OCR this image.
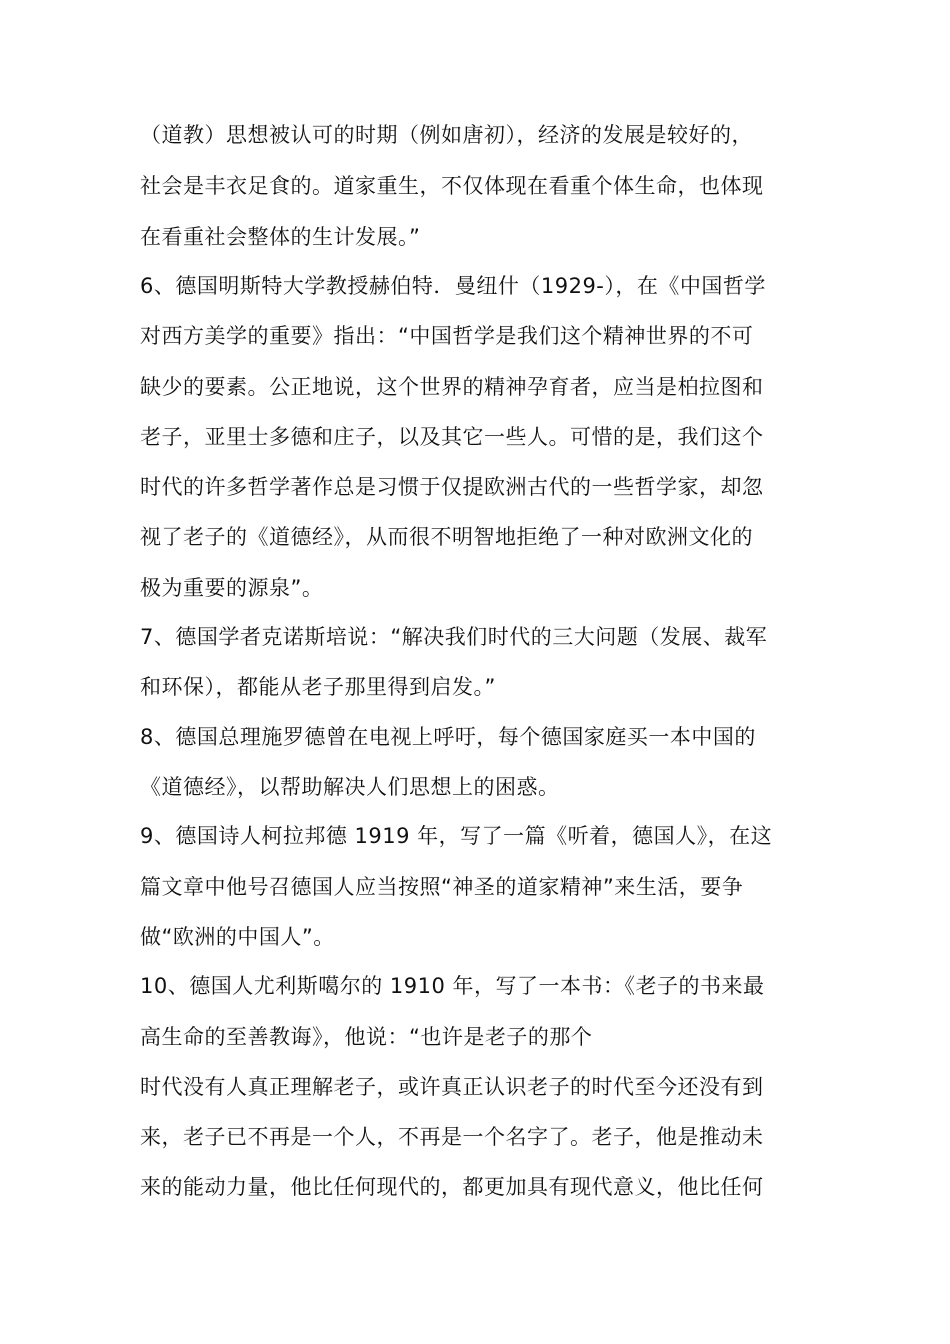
（道教）思想被认可的时期（例如唐初），经济的发展是较好的，
社会是丰衣足食的。道家重生，不仅体现在看重个体生命，也体现
在看重社会整体的生计发展。”
6、德国明斯特大学教授赫伯特．曼纽什（1929-），在《中国哲学
对西方美学的重要》指出：“中国哲学是我们这个精神世界的不可
缺少的要素。公正地说，这个世界的精神孕育者，应当是柏拉图和
老子，亚里士多德和庄子，以及其它一些人。可惜的是，我们这个
时代的许多哲学著作总是习惯于仅提欧洲古代的一些哲学家，却忽
视了老子的《道德经》，从而很不明智地拒绝了一种对欧洲文化的
极为重要的源泉”。
7、德国学者克诺斯培说：“解决我们时代的三大问题（发展、裁军
和环保），都能从老子那里得到启发。”
8、德国总理施罗德曾在电视上呼吁，每个德国家庭买一本中国的
《道德经》，以帮助解决人们思想上的困惑。
9、德国诗人柯拉邦德 1919 年，写了一篇《听着，德国人》，在这
篇文章中他号召德国人应当按照“神圣的道家精神”来生活，要争
做“欧洲的中国人”。
10、德国人尤利斯噶尔的 1910 年，写了一本书：《老子的书来最
高生命的至善教诲》，他说：“也许是老子的那个
时代没有人真正理解老子，或许真正认识老子的时代至今还没有到
来，老子已不再是一个人，不再是一个名字了。老子，他是推动未
来的能动力量，他比任何现代的，都更加具有现代意义，他比任何
